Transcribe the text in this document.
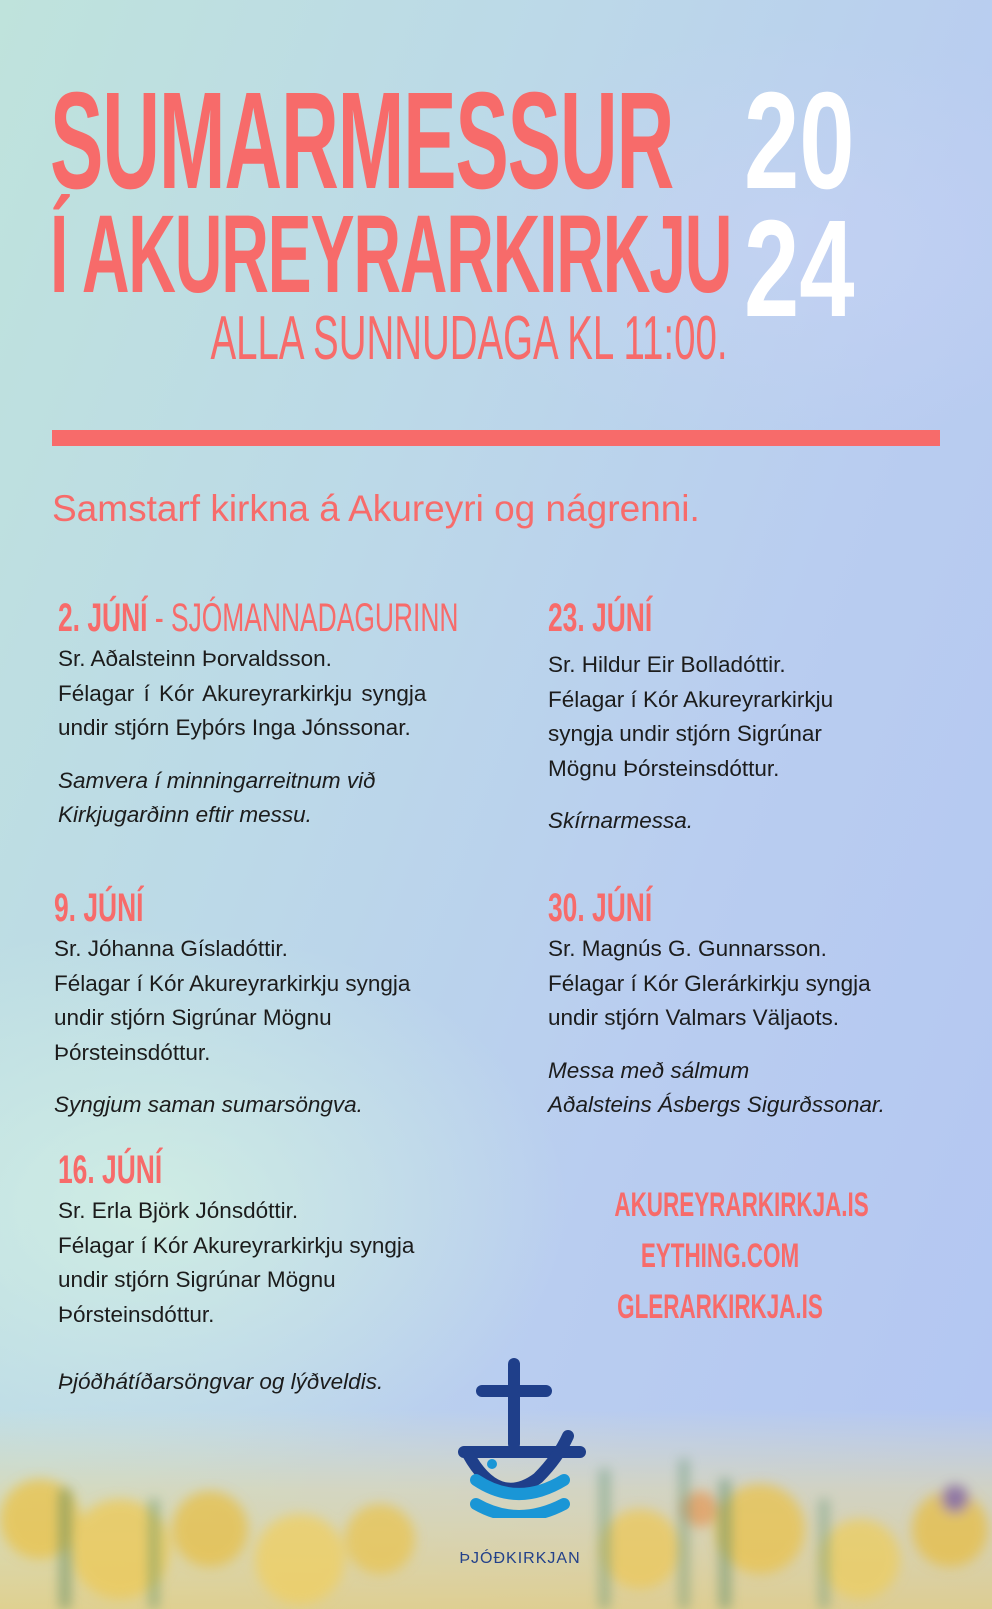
SUMARMESSUR
Í AKUREYRARKIRKJU
20
24
ALLA SUNNUDAGA KL 11:00.
Samstarf kirkna á Akureyri og nágrenni.
2. JÚNÍ - SJÓMANNADAGURINN
Sr. Aðalsteinn Þorvaldsson.
Félagar í Kór Akureyrarkirkju syngja
undir stjórn Eyþórs Inga Jónssonar.
Samvera í minningarreitnum við
Kirkjugarðinn eftir messu.
9. JÚNÍ
Sr. Jóhanna Gísladóttir.
Félagar í Kór Akureyrarkirkju syngja
undir stjórn Sigrúnar Mögnu
Þórsteinsdóttur.
Syngjum saman sumarsöngva.
16. JÚNÍ
Sr. Erla Björk Jónsdóttir.
Félagar í Kór Akureyrarkirkju syngja
undir stjórn Sigrúnar Mögnu
Þórsteinsdóttur.
Þjóðhátíðarsöngvar og lýðveldis.
23. JÚNÍ
Sr. Hildur Eir Bolladóttir.
Félagar í Kór Akureyrarkirkju
syngja undir stjórn Sigrúnar
Mögnu Þórsteinsdóttur.
Skírnarmessa.
30. JÚNÍ
Sr. Magnús G. Gunnarsson.
Félagar í Kór Glerárkirkju syngja
undir stjórn Valmars Väljaots.
Messa með sálmum
Aðalsteins Ásbergs Sigurðssonar.
AKUREYRARKIRKJA.IS
EYTHING.COM
GLERARKIRKJA.IS
ÞJÓÐKIRKJAN
